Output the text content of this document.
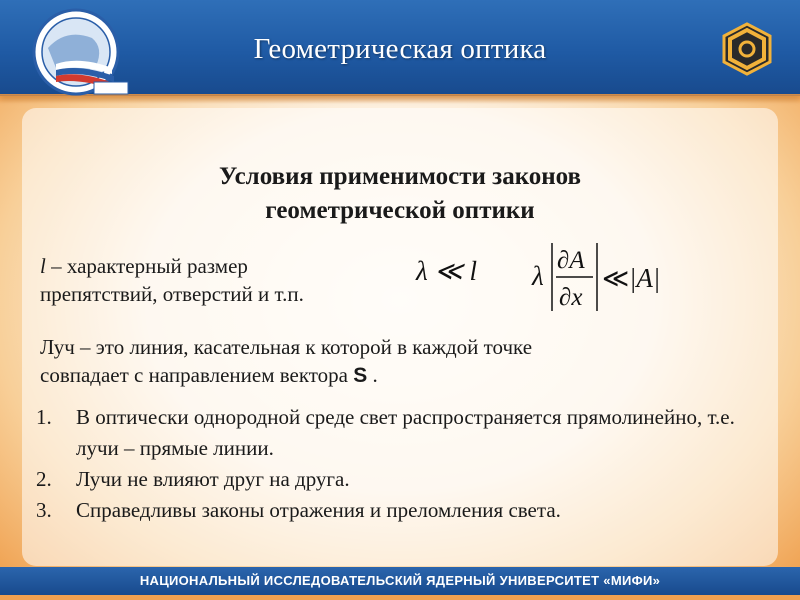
Геометрическая оптика
Условия применимости законов
геометрической оптики
l – характерный размер
препятствий, отверстий и т.п.
λ ≪ l λ
∂A
∂x
≪ |A|
Луч – это линия, касательная к которой в каждой точке
совпадает с направлением вектора S .
1. В оптически однородной среде свет распространяется прямолинейно, т.е. лучи – прямые линии.
2. Лучи не влияют друг на друга.
3. Справедливы законы отражения и преломления света.
НАЦИОНАЛЬНЫЙ ИССЛЕДОВАТЕЛЬСКИЙ ЯДЕРНЫЙ УНИВЕРСИТЕТ «МИФИ»
